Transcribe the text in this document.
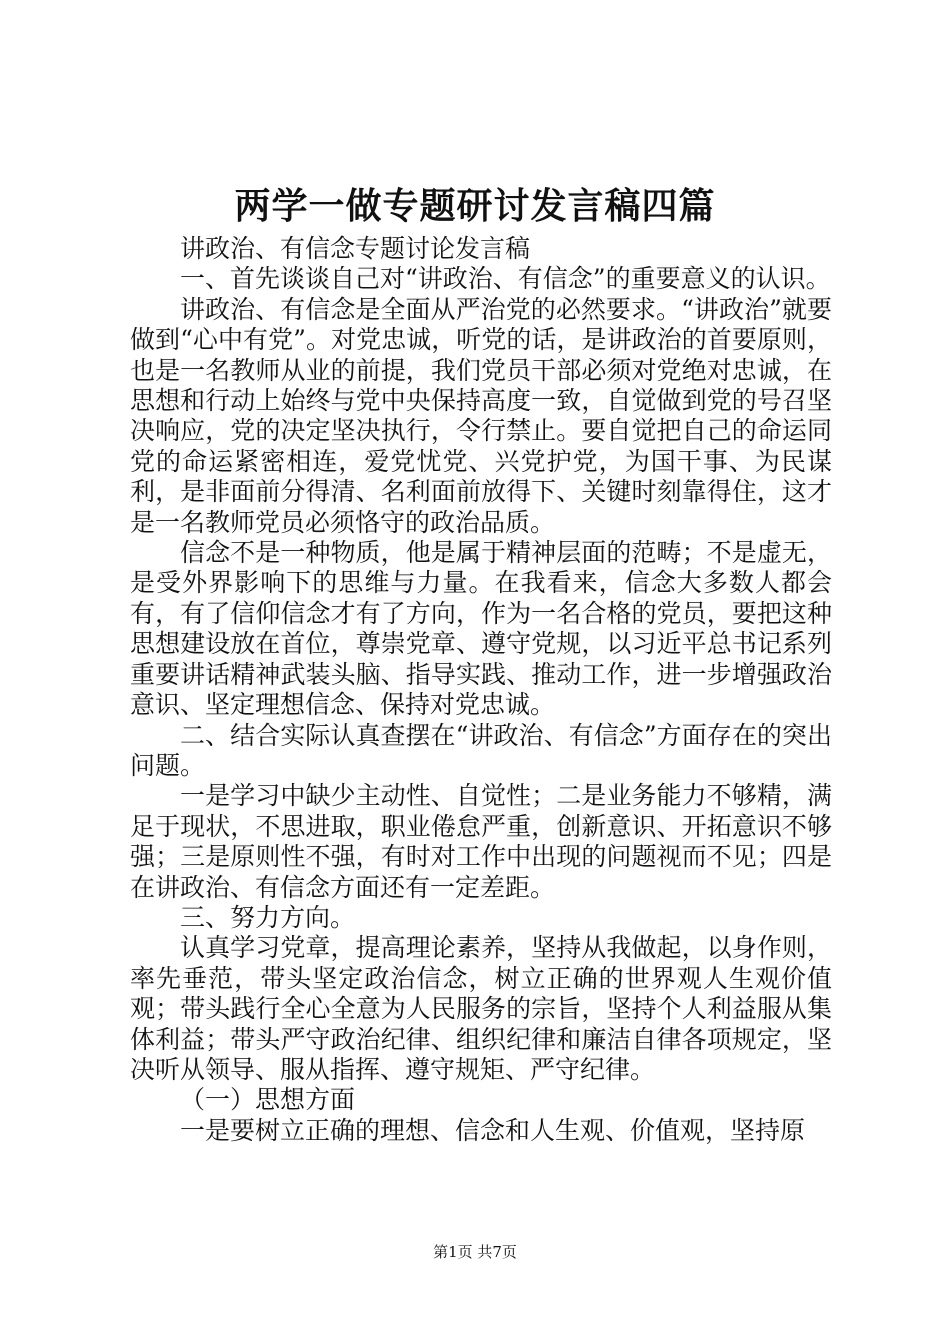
两学一做专题研讨发言稿四篇

讲政治、有信念专题讨论发言稿

一、首先谈谈自己对“讲政治、有信念”的重要意义的认识。

讲政治、有信念是全面从严治党的必然要求。“讲政治”就要做到“心中有党”。对党忠诚，听党的话，是讲政治的首要原则，也是一名教师从业的前提，我们党员干部必须对党绝对忠诚，在思想和行动上始终与党中央保持高度一致，自觉做到党的号召坚决响应，党的决定坚决执行，令行禁止。要自觉把自己的命运同党的命运紧密相连，爱党忧党、兴党护党，为国干事、为民谋利，是非面前分得清、名利面前放得下、关键时刻靠得住，这才是一名教师党员必须恪守的政治品质。

信念不是一种物质，他是属于精神层面的范畴；不是虚无，是受外界影响下的思维与力量。在我看来，信念大多数人都会有，有了信仰信念才有了方向，作为一名合格的党员，要把这种思想建设放在首位，尊崇党章、遵守党规，以习近平总书记系列重要讲话精神武装头脑、指导实践、推动工作，进一步增强政治意识、坚定理想信念、保持对党忠诚。

二、结合实际认真查摆在“讲政治、有信念”方面存在的突出问题。

一是学习中缺少主动性、自觉性；二是业务能力不够精，满足于现状，不思进取，职业倦怠严重，创新意识、开拓意识不够强；三是原则性不强，有时对工作中出现的问题视而不见；四是在讲政治、有信念方面还有一定差距。

三、努力方向。

认真学习党章，提高理论素养，坚持从我做起，以身作则，率先垂范，带头坚定政治信念，树立正确的世界观人生观价值观；带头践行全心全意为人民服务的宗旨，坚持个人利益服从集体利益；带头严守政治纪律、组织纪律和廉洁自律各项规定，坚决听从领导、服从指挥、遵守规矩、严守纪律。

（一）思想方面

一是要树立正确的理想、信念和人生观、价值观，坚持原

第1页 共7页
